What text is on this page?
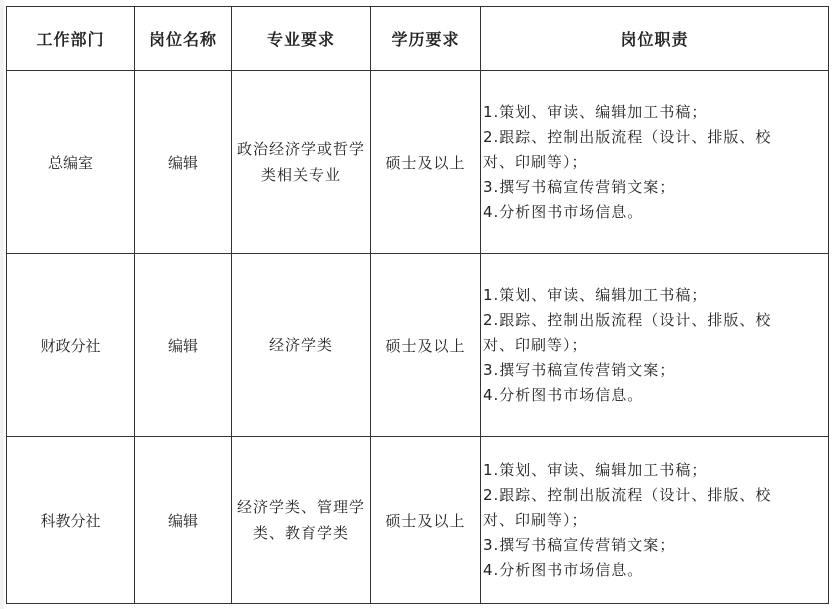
工作部门	岗位名称	专业要求	学历要求	岗位职责
总编室	编辑	政治经济学或哲学类相关专业	硕士及以上	1.策划、审读、编辑加工书稿；
2.跟踪、控制出版流程（设计、排版、校
对、印刷等）；
3.撰写书稿宣传营销文案；
4.分析图书市场信息。

财政分社	编辑	经济学类	硕士及以上	1.策划、审读、编辑加工书稿；
2.跟踪、控制出版流程（设计、排版、校
对、印刷等）；
3.撰写书稿宣传营销文案；
4.分析图书市场信息。

科教分社	编辑	经济学类、管理学类、教育学类	硕士及以上	1.策划、审读、编辑加工书稿；
2.跟踪、控制出版流程（设计、排版、校
对、印刷等）；
3.撰写书稿宣传营销文案；
4.分析图书市场信息。
